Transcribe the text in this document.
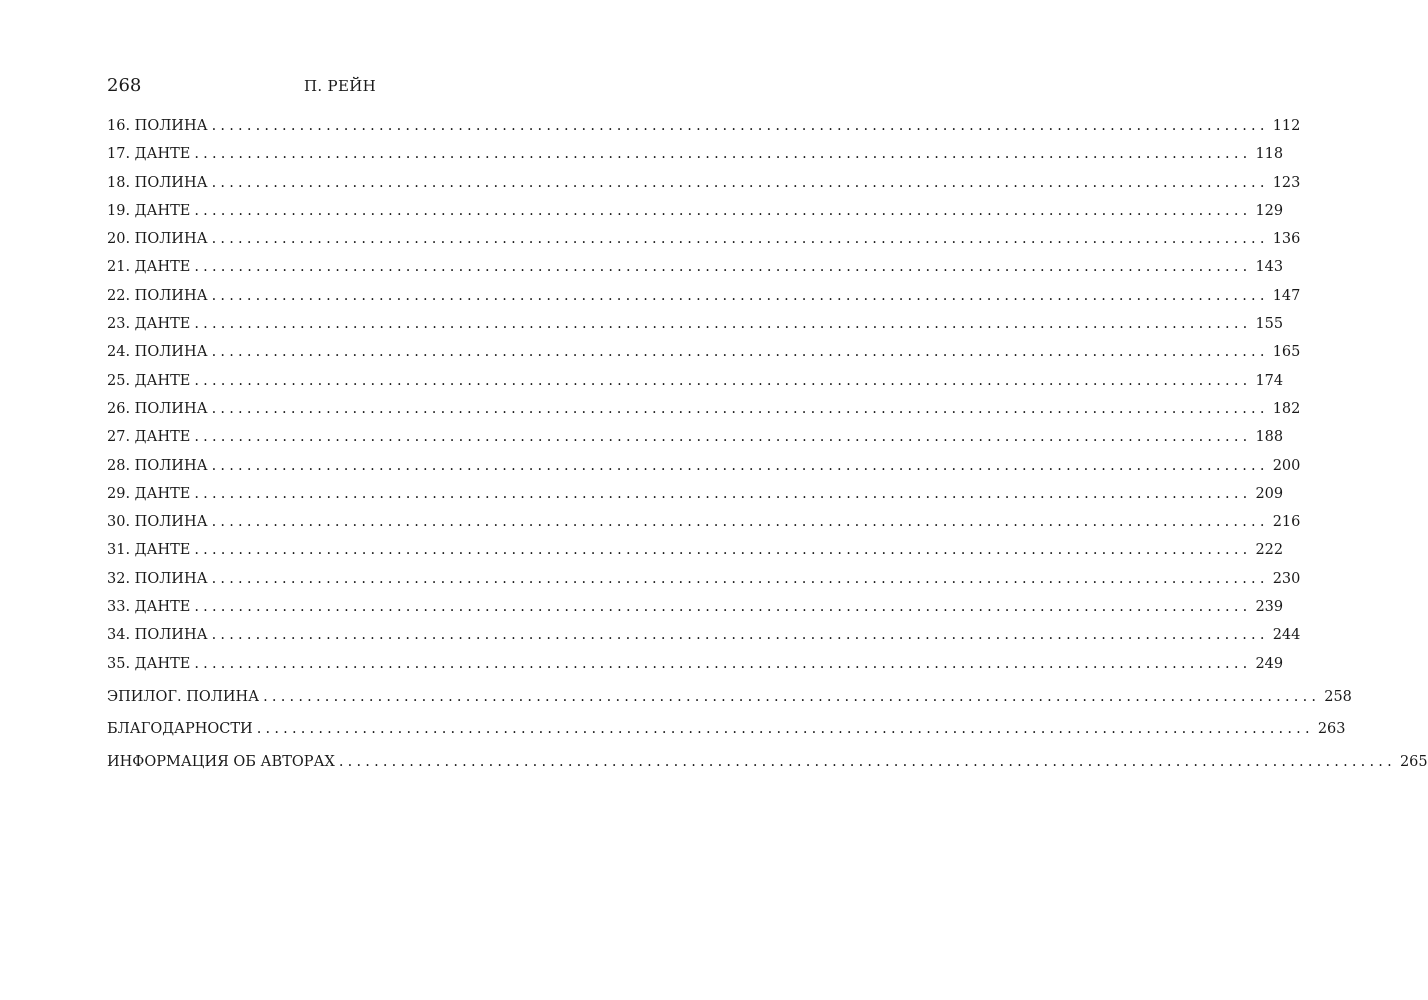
268	П. РЕЙН
16. ПОЛИНА ........................................................................................................................ 112
17. ДАНТЕ ........................................................................................................................ 118
18. ПОЛИНА ........................................................................................................................ 123
19. ДАНТЕ ........................................................................................................................ 129
20. ПОЛИНА ........................................................................................................................ 136
21. ДАНТЕ ........................................................................................................................ 143
22. ПОЛИНА ........................................................................................................................ 147
23. ДАНТЕ ........................................................................................................................ 155
24. ПОЛИНА ........................................................................................................................ 165
25. ДАНТЕ ........................................................................................................................ 174
26. ПОЛИНА ........................................................................................................................ 182
27. ДАНТЕ ........................................................................................................................ 188
28. ПОЛИНА ........................................................................................................................ 200
29. ДАНТЕ ........................................................................................................................ 209
30. ПОЛИНА ........................................................................................................................ 216
31. ДАНТЕ ........................................................................................................................ 222
32. ПОЛИНА ........................................................................................................................ 230
33. ДАНТЕ ........................................................................................................................ 239
34. ПОЛИНА ........................................................................................................................ 244
35. ДАНТЕ ........................................................................................................................ 249
ЭПИЛОГ. ПОЛИНА ........................................................................................................................ 258
БЛАГОДАРНОСТИ ........................................................................................................................ 263
ИНФОРМАЦИЯ ОБ АВТОРАХ ........................................................................................................................ 265
